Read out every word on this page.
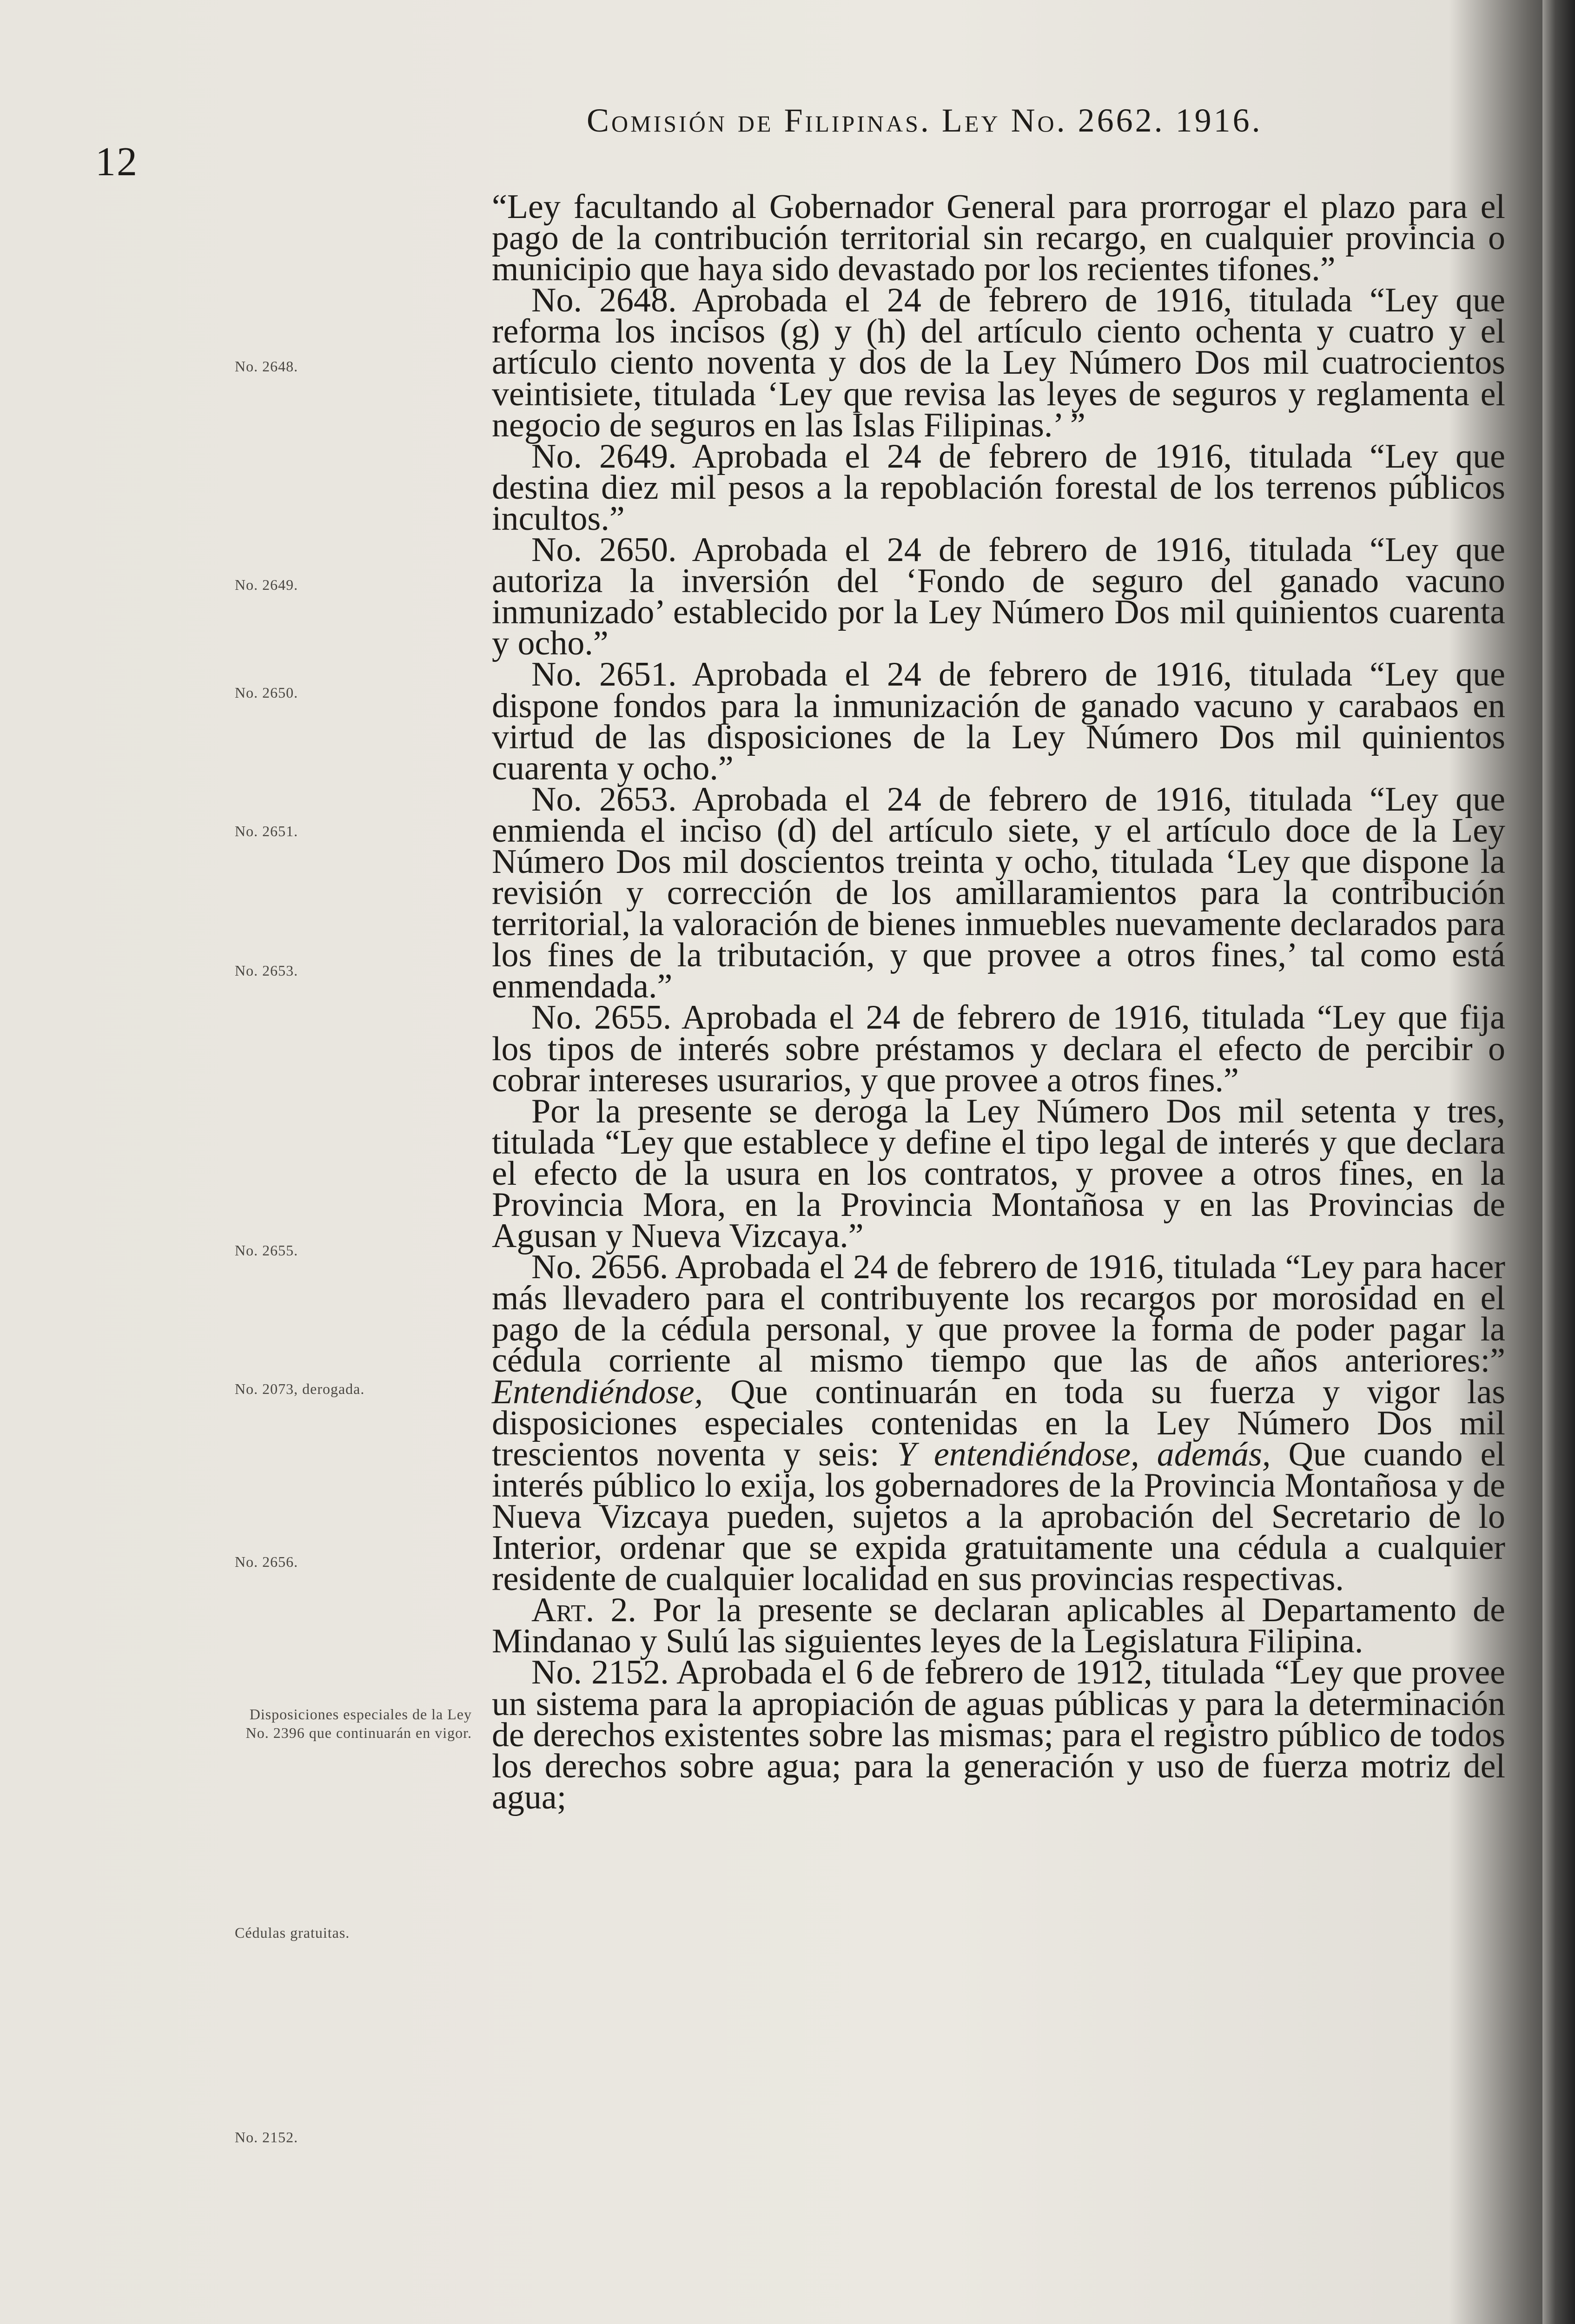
12
Comisión de Filipinas. Ley No. 2662. 1916.
No. 2648.
No. 2649.
No. 2650.
No. 2651.
No. 2653.
No. 2655.
No. 2073, derogada.
No. 2656.
Disposiciones especiales de la Ley No. 2396 que continuarán en vigor.
Cédulas gratuitas.
No. 2152.

“Ley facultando al Gobernador General para prorrogar el plazo para el pago de la contribución territorial sin recargo, en cualquier provincia o municipio que haya sido devastado por los recientes tifones.”

No. 2648. Aprobada el 24 de febrero de 1916, titulada “Ley que reforma los incisos (g) y (h) del artículo ciento ochenta y cuatro y el artículo ciento noventa y dos de la Ley Número Dos mil cuatrocientos veintisiete, titulada ‘Ley que revisa las leyes de seguros y reglamenta el negocio de seguros en las Islas Filipinas.’ ”

No. 2649. Aprobada el 24 de febrero de 1916, titulada “Ley que destina diez mil pesos a la repoblación forestal de los terrenos públicos incultos.”

No. 2650. Aprobada el 24 de febrero de 1916, titulada “Ley que autoriza la inversión del ‘Fondo de seguro del ganado vacuno inmunizado’ establecido por la Ley Número Dos mil quinientos cuarenta y ocho.”

No. 2651. Aprobada el 24 de febrero de 1916, titulada “Ley que dispone fondos para la inmunización de ganado vacuno y carabaos en virtud de las disposiciones de la Ley Número Dos mil quinientos cuarenta y ocho.”

No. 2653. Aprobada el 24 de febrero de 1916, titulada “Ley que enmienda el inciso (d) del artículo siete, y el artículo doce de la Ley Número Dos mil doscientos treinta y ocho, titulada ‘Ley que dispone la revisión y corrección de los amillaramientos para la contribución territorial, la valoración de bienes inmuebles nuevamente declarados para los fines de la tributación, y que provee a otros fines,’ tal como está enmendada.”

No. 2655. Aprobada el 24 de febrero de 1916, titulada “Ley que fija los tipos de interés sobre préstamos y declara el efecto de percibir o cobrar intereses usurarios, y que provee a otros fines.”

Por la presente se deroga la Ley Número Dos mil setenta y tres, titulada “Ley que establece y define el tipo legal de interés y que declara el efecto de la usura en los contratos, y provee a otros fines, en la Provincia Mora, en la Provincia Montañosa y en las Provincias de Agusan y Nueva Vizcaya.”

No. 2656. Aprobada el 24 de febrero de 1916, titulada “Ley para hacer más llevadero para el contribuyente los recargos por morosidad en el pago de la cédula personal, y que provee la forma de poder pagar la cédula corriente al mismo tiempo que las de años anteriores:” Entendiéndose, Que continuarán en toda su fuerza y vigor las disposiciones especiales contenidas en la Ley Número Dos mil trescientos noventa y seis: Y entendiéndose, además, Que cuando el interés público lo exija, los gobernadores de la Provincia Montañosa y de Nueva Vizcaya pueden, sujetos a la aprobación del Secretario de lo Interior, ordenar que se expida gratuitamente una cédula a cualquier residente de cualquier localidad en sus provincias respectivas.

Art. 2. Por la presente se declaran aplicables al Departamento de Mindanao y Sulú las siguientes leyes de la Legislatura Filipina.

No. 2152. Aprobada el 6 de febrero de 1912, titulada “Ley que provee un sistema para la apropiación de aguas públicas y para la determinación de derechos existentes sobre las mismas; para el registro público de todos los derechos sobre agua; para la generación y uso de fuerza motriz del agua;
